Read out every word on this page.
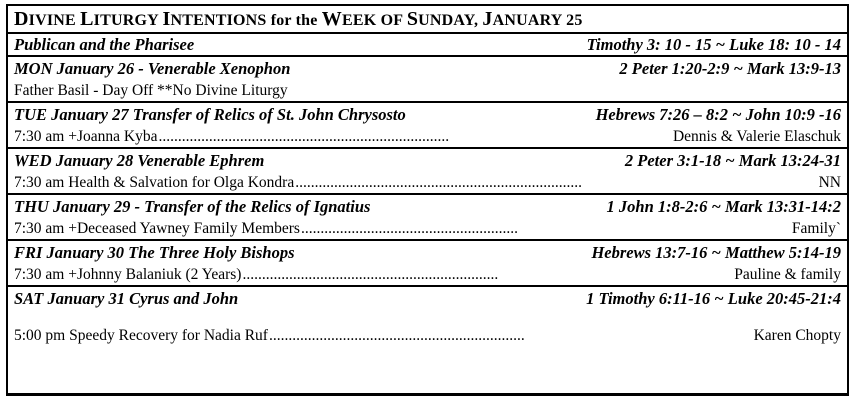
DIVINE LITURGY INTENTIONS for the WEEK OF SUNDAY, JANUARY 25
Publican and the Pharisee	Timothy 3: 10 - 15 ~ Luke 18: 10 - 14
MON January 26 - Venerable Xenophon	2 Peter 1:20-2:9 ~ Mark 13:9-13
Father Basil - Day Off **No Divine Liturgy
TUE January 27 Transfer of Relics of St. John Chrysosto	Hebrews 7:26 – 8:2 ~ John 10:9 -16
7:30 am +Joanna Kyba ...........................................................................	Dennis & Valerie Elaschuk
WED January 28 Venerable Ephrem	2 Peter 3:1-18 ~ Mark 13:24-31
7:30 am Health & Salvation for Olga Kondra ..........................................................................	NN
THU January 29 - Transfer of the Relics of Ignatius	1 John 1:8-2:6 ~ Mark 13:31-14:2
7:30 am +Deceased Yawney Family Members ........................................................	Family`
FRI January 30 The Three Holy Bishops	Hebrews 13:7-16 ~ Matthew 5:14-19
7:30 am +Johnny Balaniuk (2 Years) ..................................................................	Pauline & family
SAT January 31 Cyrus and John	1 Timothy 6:11-16 ~ Luke 20:45-21:4
5:00 pm Speedy Recovery for Nadia Ruf ..................................................................	Karen Chopty
